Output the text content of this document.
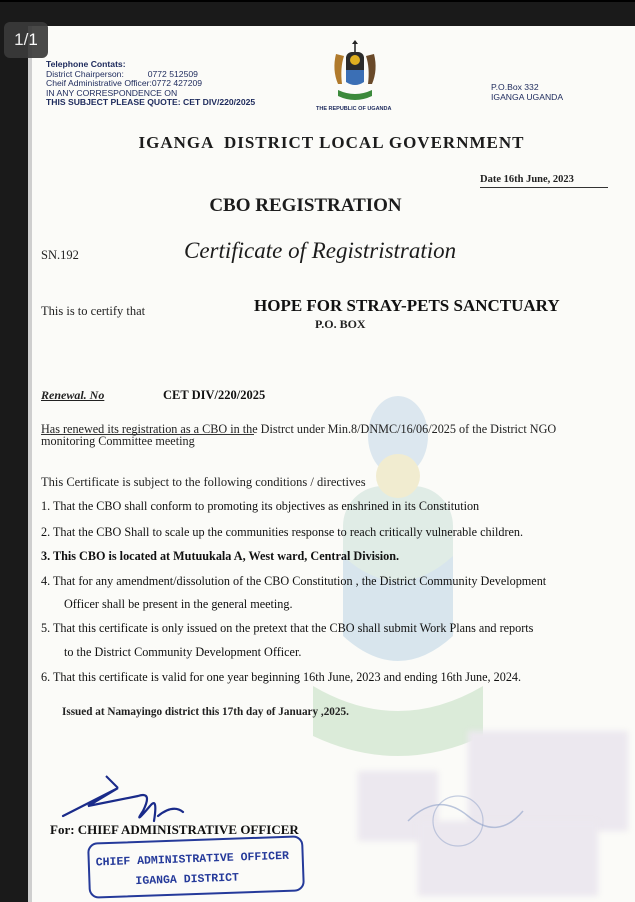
1/1
Telephone Contats:
District Chairperson:          0772 512509
Cheif Administrative Officer:0772 427209
IN ANY CORRESPONDENCE ON
THIS SUBJECT PLEASE QUOTE: CET DIV/220/2025
THE REPUBLIC OF UGANDA
P.O.Box 332
IGANGA UGANDA
IGANGA  DISTRICT LOCAL GOVERNMENT
Date 16th June, 2023
CBO REGISTRATION
SN.192	Certificate of Registristration
This is to certify that	HOPE FOR STRAY-PETS SANCTUARY
P.O. BOX
Renewal. No	CET DIV/220/2025
Has renewed its registration as a CBO in the Distrct under Min.8/DNMC/16/06/2025 of the District NGO monitoring Committee meeting
This Certificate is subject to the following conditions / directives
1. That the CBO shall conform to promoting its objectives as enshrined in its Constitution
2. That the CBO Shall to scale up the communities response to reach critically vulnerable children.
3. This CBO is located at Mutuukala A, West ward, Central Division.
4. That for any amendment/dissolution of the CBO Constitution , the District Community Development
Officer shall be present in the general meeting.
5. That this certificate is only issued on the pretext that the CBO shall submit Work Plans and reports
to the District Community Development Officer.
6. That this certificate is valid for one year beginning 16th June, 2023 and ending 16th June, 2024.
Issued at Namayingo district this 17th day of January ,2025.
For: CHIEF ADMINISTRATIVE OFFICER
CHIEF ADMINISTRATIVE OFFICER
IGANGA DISTRICT
